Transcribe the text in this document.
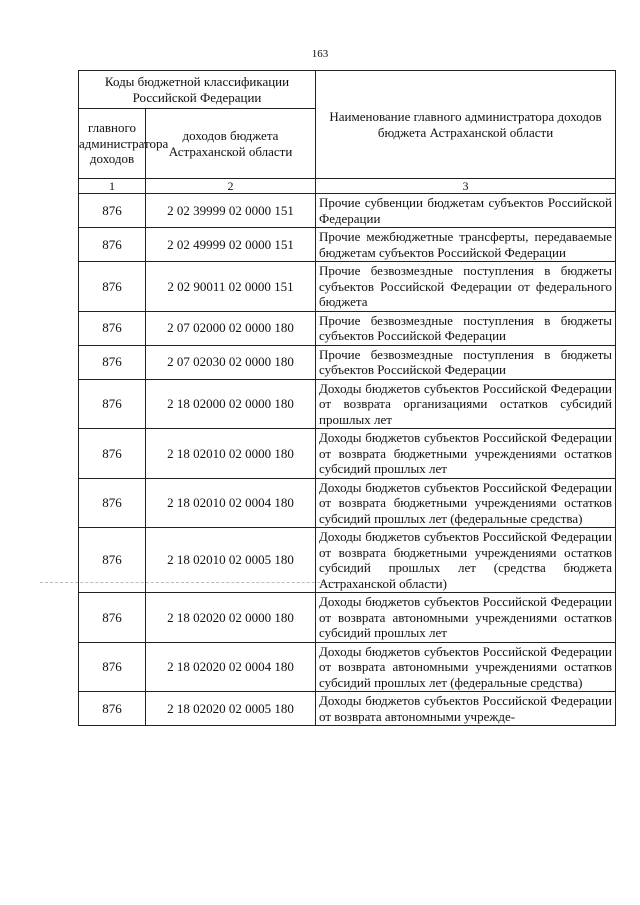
163
Коды бюджетной классификации Российской Федерации		Наименование главного администратора доходов бюджета Астраханской области
главного администратора доходов	доходов бюджета Астраханской области	
1	2	3
876	2 02 39999 02 0000 151	Прочие субвенции бюджетам субъектов Российской Федерации
876	2 02 49999 02 0000 151	Прочие межбюджетные трансферты, передаваемые бюджетам субъектов Российской Федерации
876	2 02 90011 02 0000 151	Прочие безвозмездные поступления в бюджеты субъектов Российской Федерации от федерального бюджета
876	2 07 02000 02 0000 180	Прочие безвозмездные поступления в бюджеты субъектов Российской Федерации
876	2 07 02030 02 0000 180	Прочие безвозмездные поступления в бюджеты субъектов Российской Федерации
876	2 18 02000 02 0000 180	Доходы бюджетов субъектов Российской Федерации от возврата организациями остатков субсидий прошлых лет
876	2 18 02010 02 0000 180	Доходы бюджетов субъектов Российской Федерации от возврата бюджетными учреждениями остатков субсидий прошлых лет
876	2 18 02010 02 0004 180	Доходы бюджетов субъектов Российской Федерации от возврата бюджетными учреждениями остатков субсидий прошлых лет (федеральные средства)
876	2 18 02010 02 0005 180	Доходы бюджетов субъектов Российской Федерации от возврата бюджетными учреждениями остатков субсидий прошлых лет (средства бюджета Астраханской области)
876	2 18 02020 02 0000 180	Доходы бюджетов субъектов Российской Федерации от возврата автономными учреждениями остатков субсидий прошлых лет
876	2 18 02020 02 0004 180	Доходы бюджетов субъектов Российской Федерации от возврата автономными учреждениями остатков субсидий прошлых лет (федеральные средства)
876	2 18 02020 02 0005 180	Доходы бюджетов субъектов Российской Федерации от возврата автономными учрежде-
